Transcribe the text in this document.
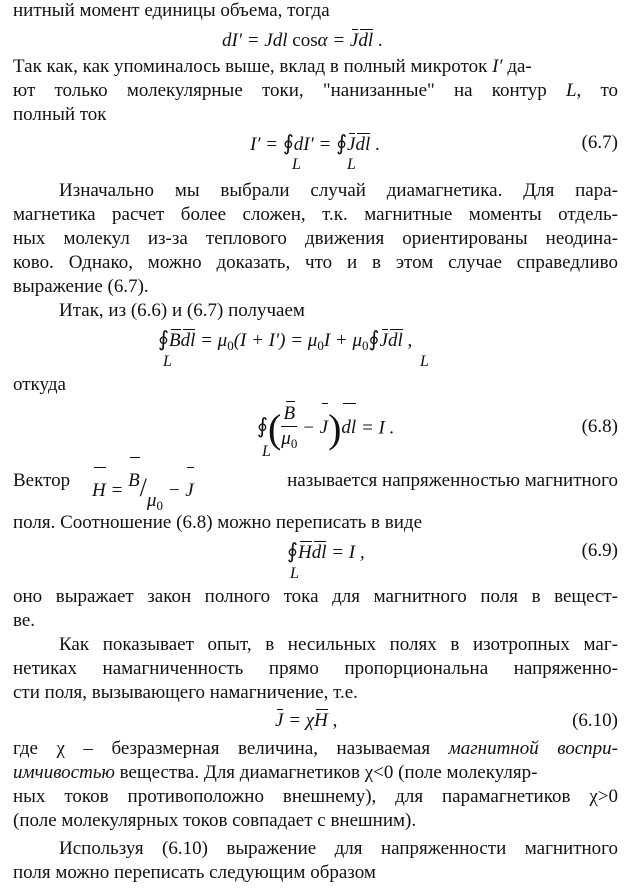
нитный момент единицы объема, тогда
dI′ = Jdl cosα = Jdl .
Так как, как упоминалось выше, вклад в полный микроток I′ да-
ют только молекулярные токи, "нанизанные" на контур L, то
полный ток
I′ = ∮dI′ = ∮Jdl .
L	L
(6.7)
Изначально мы выбрали случай диамагнетика. Для пара-
магнетика расчет более сложен, т.к. магнитные моменты отдель-
ных молекул из-за теплового движения ориентированы неодина-
ково. Однако, можно доказать, что и в этом случае справедливо
выражение (6.7).
Итак, из (6.6) и (6.7) получаем
∮Bdl = $\mu_0(I + I') = \mu_0I$ + $\mu_0∮Jdl$ ,
L	L
откуда
∮( $\frac{B}{\mu_0} - J)dl = I$ .
L
(6.8)
Вектор $H = B/\mu_0 - J$	называется напряженностью магнитного
поля. Соотношение (6.8) можно переписать в виде
∮Hdl = I ,
L
(6.9)
оно выражает закон полного тока для магнитного поля в вещест-
ве.
Как показывает опыт, в несильных полях в изотропных маг-
нетиках намагниченность прямо пропорциональна напряженно-
сти поля, вызывающего намагничение, т.е.
J = χH ,	(6.10)
где χ – безразмерная величина, называемая магнитной воспри-
имчивостью вещества. Для диамагнетиков χ<0 (поле молекуляр-
ных токов противоположно внешнему), для парамагнетиков χ>0
(поле молекулярных токов совпадает с внешним).
Используя (6.10) выражение для напряженности магнитного
поля можно переписать следующим образом
